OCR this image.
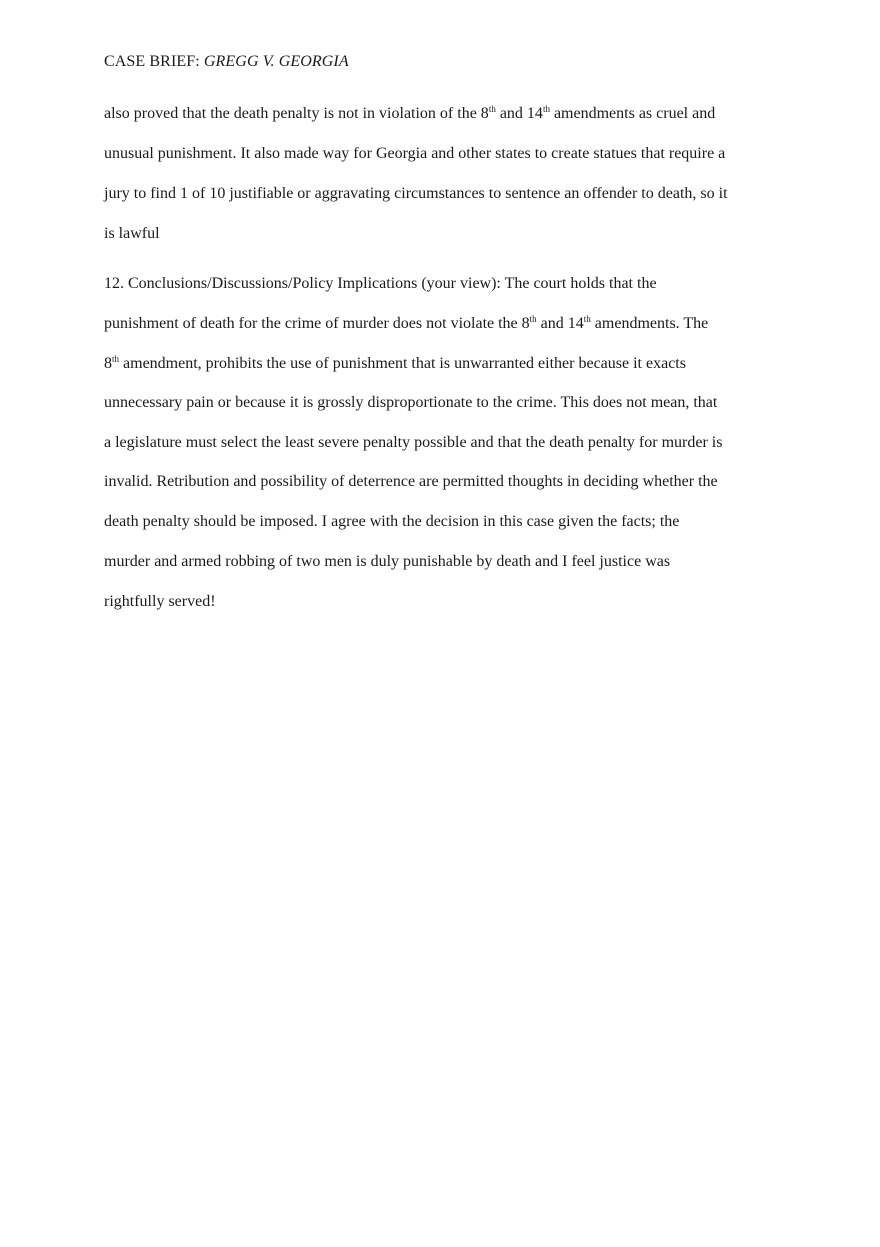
CASE BRIEF: GREGG V. GEORGIA
also proved that the death penalty is not in violation of the 8th and 14th amendments as cruel and
unusual punishment. It also made way for Georgia and other states to create statues that require a
jury to find 1 of 10 justifiable or aggravating circumstances to sentence an offender to death, so it
is lawful
12. Conclusions/Discussions/Policy Implications (your view): The court holds that the
punishment of death for the crime of murder does not violate the 8th and 14th amendments. The
8th amendment, prohibits the use of punishment that is unwarranted either because it exacts
unnecessary pain or because it is grossly disproportionate to the crime. This does not mean, that
a legislature must select the least severe penalty possible and that the death penalty for murder is
invalid. Retribution and possibility of deterrence are permitted thoughts in deciding whether the
death penalty should be imposed. I agree with the decision in this case given the facts; the
murder and armed robbing of two men is duly punishable by death and I feel justice was
rightfully served!
